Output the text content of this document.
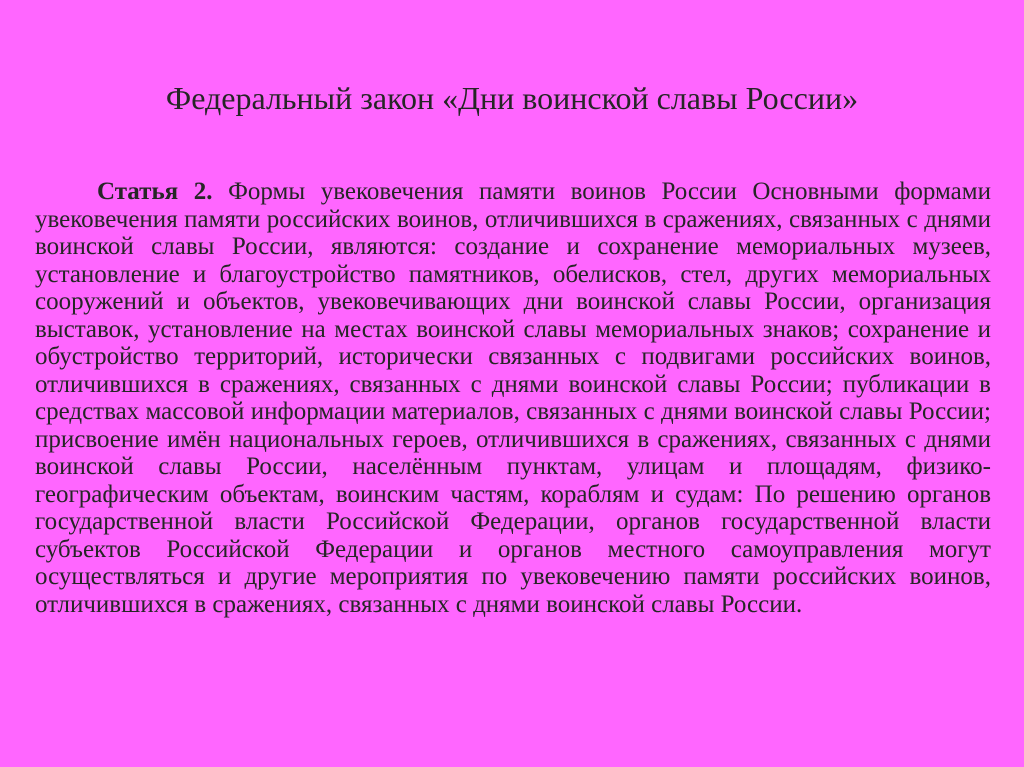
Федеральный закон «Дни воинской славы России»

Статья 2. Формы увековечения памяти воинов России Основными формами увековечения памяти российских воинов, отличившихся в сражениях, связанных с днями воинской славы России, являются: создание и сохранение мемориальных музеев, установление и благоустройство памятников, обелисков, стел, других мемориальных сооружений и объектов, увековечивающих дни воинской славы России, организация выставок, установление на местах воинской славы мемориальных знаков; сохранение и обустройство территорий, исторически связанных с подвигами российских воинов, отличившихся в сражениях, связанных с днями воинской славы России; публикации в средствах массовой информации материалов, связанных с днями воинской славы России; присвоение имён национальных героев, отличившихся в сражениях, связанных с днями воинской славы России, населённым пунктам, улицам и площадям, физико-географическим объектам, воинским частям, кораблям и судам: По решению органов государственной власти Российской Федерации, органов государственной власти субъектов Российской Федерации и органов местного самоуправления могут осуществляться и другие мероприятия по увековечению памяти российских воинов, отличившихся в сражениях, связанных с днями воинской славы России.
